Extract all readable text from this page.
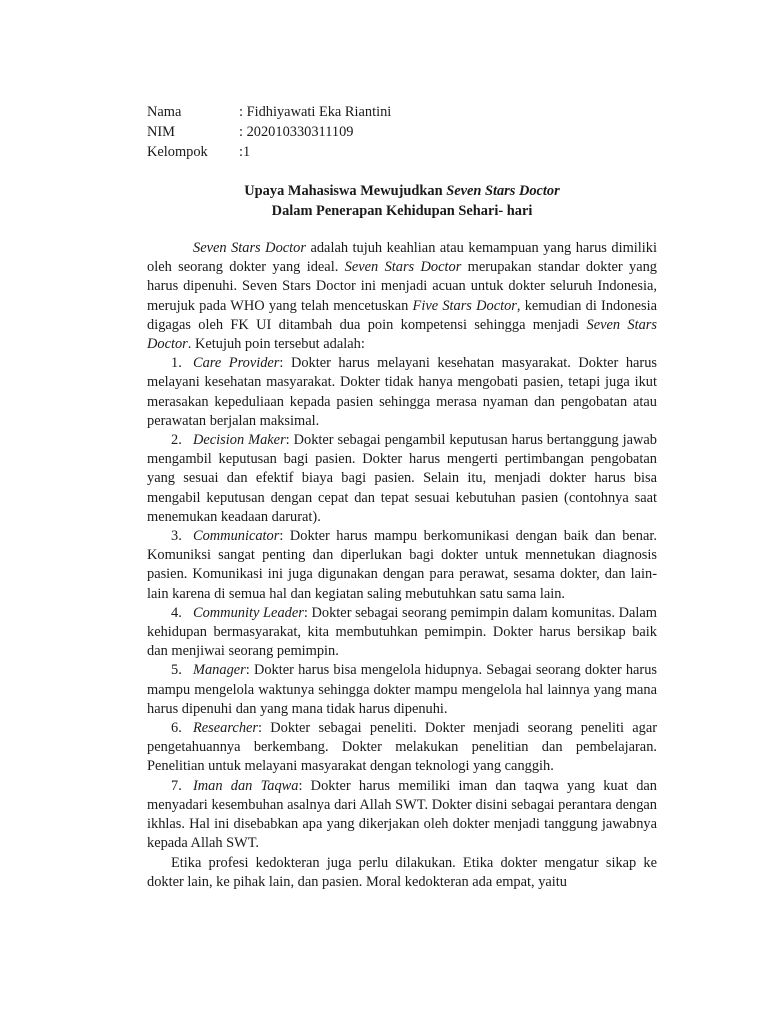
Nama	: Fidhiyawati Eka Riantini
NIM	: 202010330311109
Kelompok	:1
Upaya Mahasiswa Mewujudkan Seven Stars Doctor
Dalam Penerapan Kehidupan Sehari- hari

Seven Stars Doctor adalah tujuh keahlian atau kemampuan yang harus dimiliki oleh seorang dokter yang ideal. Seven Stars Doctor merupakan standar dokter yang harus dipenuhi. Seven Stars Doctor ini menjadi acuan untuk dokter seluruh Indonesia, merujuk pada WHO yang telah mencetuskan Five Stars Doctor, kemudian di Indonesia digagas oleh FK UI ditambah dua poin kompetensi sehingga menjadi Seven Stars Doctor. Ketujuh poin tersebut adalah:

1. Care Provider: Dokter harus melayani kesehatan masyarakat. Dokter harus melayani kesehatan masyarakat. Dokter tidak hanya mengobati pasien, tetapi juga ikut merasakan kepeduliaan kepada pasien sehingga merasa nyaman dan pengobatan atau perawatan berjalan maksimal.
2. Decision Maker: Dokter sebagai pengambil keputusan harus bertanggung jawab mengambil keputusan bagi pasien. Dokter harus mengerti pertimbangan pengobatan yang sesuai dan efektif biaya bagi pasien. Selain itu, menjadi dokter harus bisa mengabil keputusan dengan cepat dan tepat sesuai kebutuhan pasien (contohnya saat menemukan keadaan darurat).
3. Communicator: Dokter harus mampu berkomunikasi dengan baik dan benar. Komuniksi sangat penting dan diperlukan bagi dokter untuk mennetukan diagnosis pasien. Komunikasi ini juga digunakan dengan para perawat, sesama dokter, dan lain-lain karena di semua hal dan kegiatan saling mebutuhkan satu sama lain.
4. Community Leader: Dokter sebagai seorang pemimpin dalam komunitas. Dalam kehidupan bermasyarakat, kita membutuhkan pemimpin. Dokter harus bersikap baik dan menjiwai seorang pemimpin.
5. Manager: Dokter harus bisa mengelola hidupnya. Sebagai seorang dokter harus mampu mengelola waktunya sehingga dokter mampu mengelola hal lainnya yang mana harus dipenuhi dan yang mana tidak harus dipenuhi.
6. Researcher: Dokter sebagai peneliti. Dokter menjadi seorang peneliti agar pengetahuannya berkembang. Dokter melakukan penelitian dan pembelajaran. Penelitian untuk melayani masyarakat dengan teknologi yang canggih.
7. Iman dan Taqwa: Dokter harus memiliki iman dan taqwa yang kuat dan menyadari kesembuhan asalnya dari Allah SWT. Dokter disini sebagai perantara dengan ikhlas. Hal ini disebabkan apa yang dikerjakan oleh dokter menjadi tanggung jawabnya kepada Allah SWT.

Etika profesi kedokteran juga perlu dilakukan. Etika dokter mengatur sikap ke dokter lain, ke pihak lain, dan pasien. Moral kedokteran ada empat, yaitu
